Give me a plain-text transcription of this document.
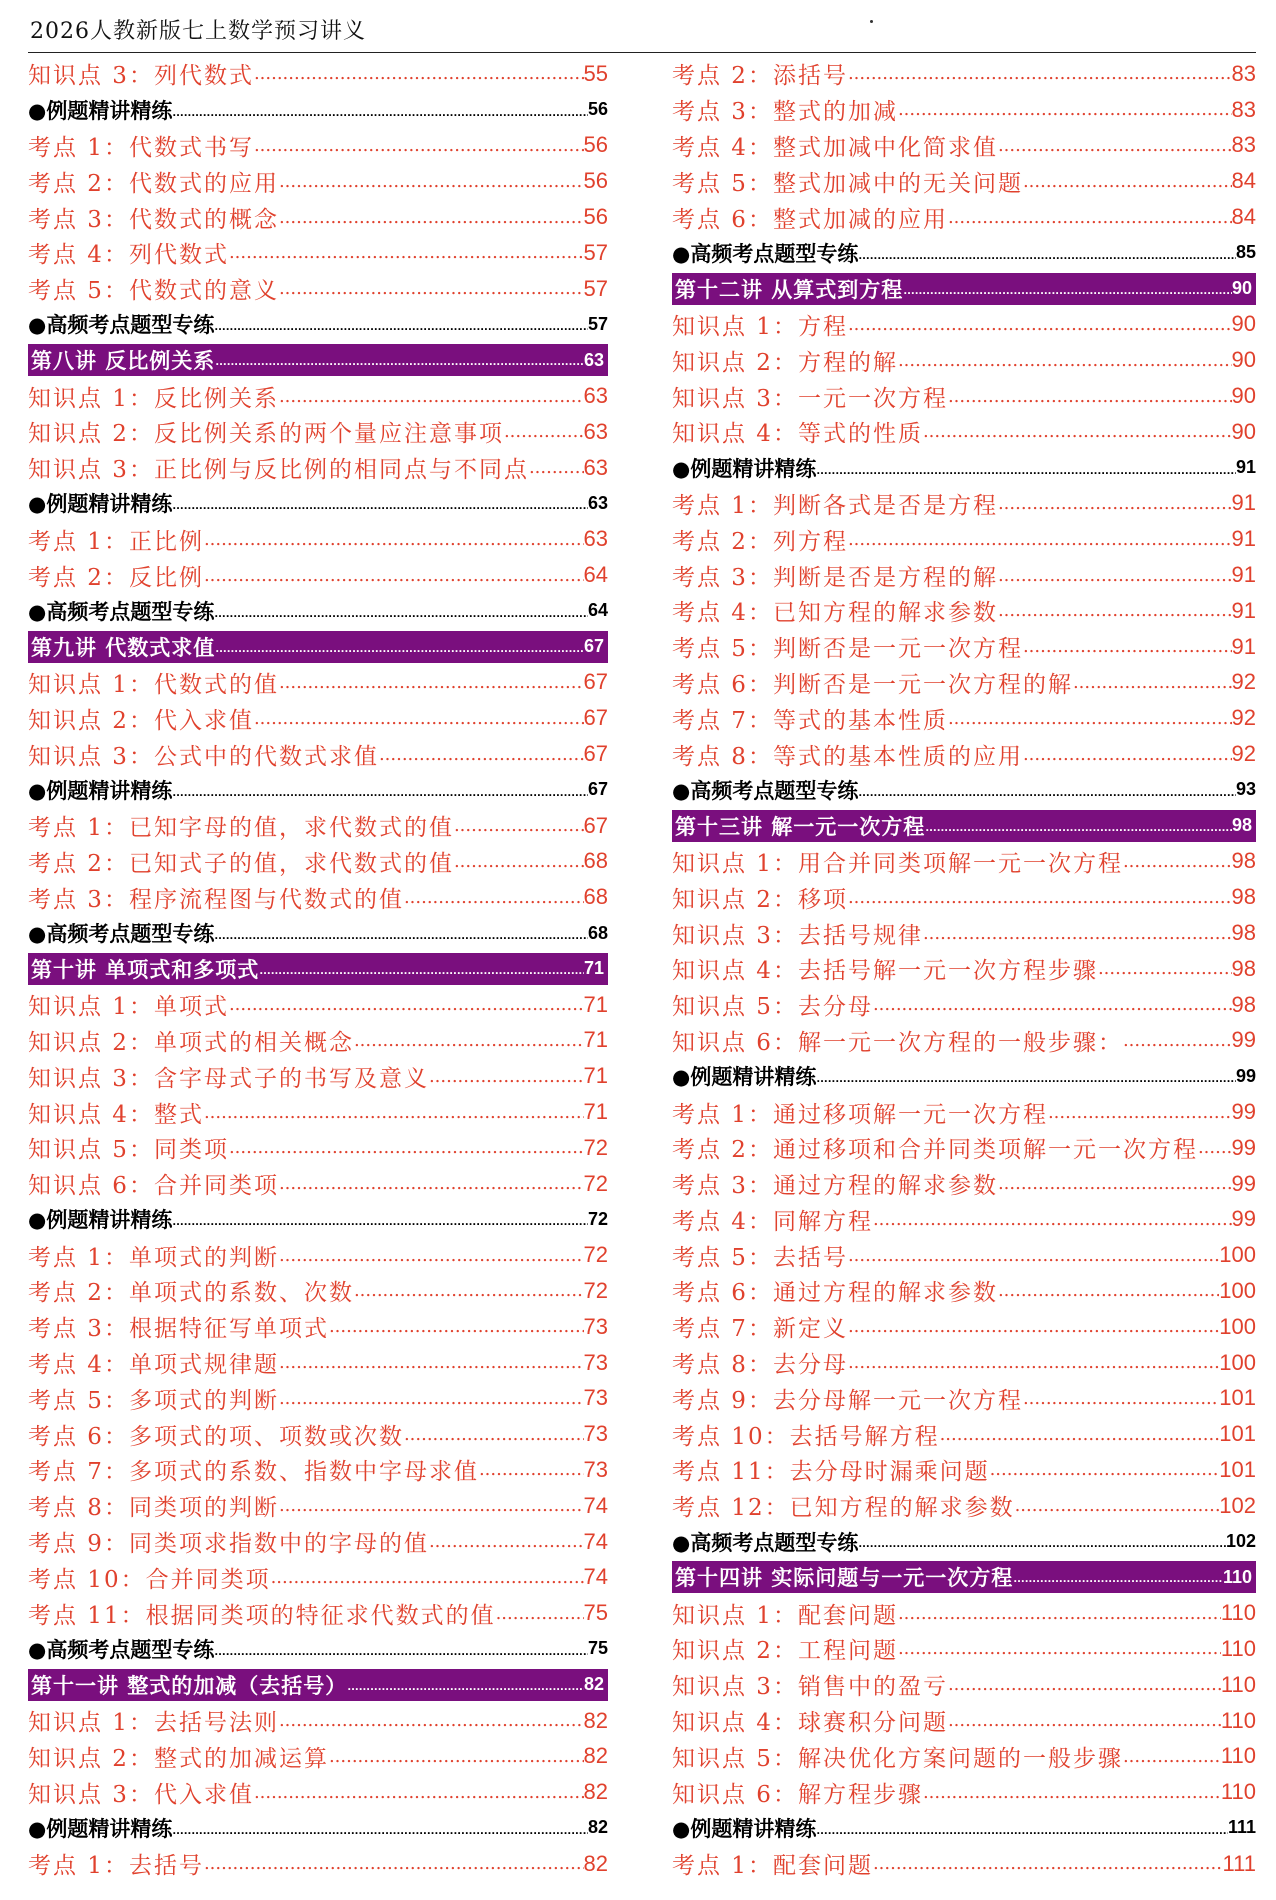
2026人教新版七上数学预习讲义
知识点 3：列代数式 .....	55
●例题精讲精练 .....	56
考点 1：代数式书写 .....	56
考点 2：代数式的应用 .....	56
考点 3：代数式的概念 .....	56
考点 4：列代数式 .....	57
考点 5：代数式的意义 .....	57
●高频考点题型专练 .....	57
第八讲 反比例关系 .....	63
知识点 1：反比例关系 .....	63
知识点 2：反比例关系的两个量应注意事项 .....	63
知识点 3：正比例与反比例的相同点与不同点 ..... 63
●例题精讲精练 .....	63
考点 1：正比例 .....	63
考点 2：反比例 .....	64
●高频考点题型专练 .....	64
第九讲 代数式求值 .....	67
知识点 1：代数式的值 .....	67
知识点 2：代入求值 .....	67
知识点 3：公式中的代数式求值 .....	67
●例题精讲精练 .....	67
考点 1：已知字母的值，求代数式的值 .....	67
考点 2：已知式子的值，求代数式的值 .....	68
考点 3：程序流程图与代数式的值 .....	68
●高频考点题型专练 .....	68
第十讲 单项式和多项式 .....	71
知识点 1：单项式 .....	71
知识点 2：单项式的相关概念 .....	71
知识点 3：含字母式子的书写及意义 .....	71
知识点 4：整式 .....	71
知识点 5：同类项 .....	72
知识点 6：合并同类项 .....	72
●例题精讲精练 .....	72
考点 1：单项式的判断 .....	72
考点 2：单项式的系数、次数 .....	72
考点 3：根据特征写单项式 .....	73
考点 4：单项式规律题 .....	73
考点 5：多项式的判断 .....	73
考点 6：多项式的项、项数或次数 .....	73
考点 7：多项式的系数、指数中字母求值 .....	73
考点 8：同类项的判断 .....	74
考点 9：同类项求指数中的字母的值 .....	74
考点 10：合并同类项 .....	74
考点 11：根据同类项的特征求代数式的值 .....	75
●高频考点题型专练 .....	75
第十一讲 整式的加减（去括号） .....	82
知识点 1：去括号法则 .....	82
知识点 2：整式的加减运算 .....	82
知识点 3：代入求值 .....	82
●例题精讲精练 .....	82
考点 1：去括号 .....	82
考点 2：添括号 .....	83
考点 3：整式的加减 .....	83
考点 4：整式加减中化简求值 .....	83
考点 5：整式加减中的无关问题 .....	84
考点 6：整式加减的应用 .....	84
●高频考点题型专练 .....	85
第十二讲 从算式到方程 .....	90
知识点 1：方程 .....	90
知识点 2：方程的解 .....	90
知识点 3：一元一次方程 .....	90
知识点 4：等式的性质 .....	90
●例题精讲精练 .....	91
考点 1：判断各式是否是方程 .....	91
考点 2：列方程 .....	91
考点 3：判断是否是方程的解 .....	91
考点 4：已知方程的解求参数 .....	91
考点 5：判断否是一元一次方程 .....	91
考点 6：判断否是一元一次方程的解 .....	92
考点 7：等式的基本性质 .....	92
考点 8：等式的基本性质的应用 .....	92
●高频考点题型专练 .....	93
第十三讲 解一元一次方程 .....	98
知识点 1：用合并同类项解一元一次方程 .....	98
知识点 2：移项 .....	98
知识点 3：去括号规律 .....	98
知识点 4：去括号解一元一次方程步骤 .....	98
知识点 5：去分母 .....	98
知识点 6：解一元一次方程的一般步骤： .....	99
●例题精讲精练 .....	99
考点 1：通过移项解一元一次方程 .....	99
考点 2：通过移项和合并同类项解一元一次方程 ..... 99
考点 3：通过方程的解求参数 .....	99
考点 4：同解方程 .....	99
考点 5：去括号 .....	100
考点 6：通过方程的解求参数 .....	100
考点 7：新定义 .....	100
考点 8：去分母 .....	100
考点 9：去分母解一元一次方程 .....	101
考点 10：去括号解方程 .....	101
考点 11：去分母时漏乘问题 .....	101
考点 12：已知方程的解求参数 .....	102
●高频考点题型专练 .....	102
第十四讲 实际问题与一元一次方程 .....	110
知识点 1：配套问题 .....	110
知识点 2：工程问题 .....	110
知识点 3：销售中的盈亏 .....	110
知识点 4：球赛积分问题 .....	110
知识点 5：解决优化方案问题的一般步骤 .....	110
知识点 6：解方程步骤 .....	110
●例题精讲精练 .....	111
考点 1：配套问题 .....	111
